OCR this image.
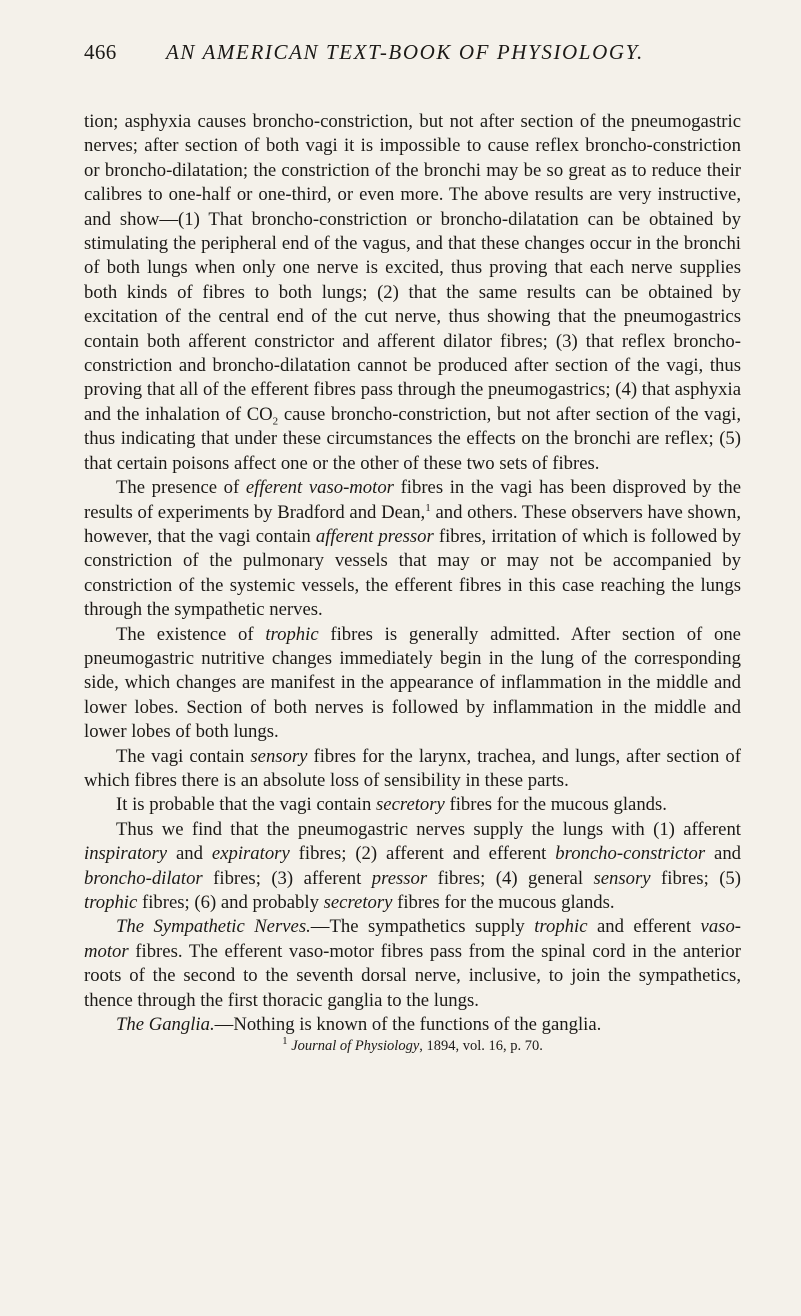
466	AN AMERICAN TEXT-BOOK OF PHYSIOLOGY.

tion; asphyxia causes broncho-constriction, but not after section of the pneumogastric nerves; after section of both vagi it is impossible to cause reflex broncho-constriction or broncho-dilatation; the constriction of the bronchi may be so great as to reduce their calibres to one-half or one-third, or even more. The above results are very instructive, and show—(1) That broncho-constriction or broncho-dilatation can be obtained by stimulating the peripheral end of the vagus, and that these changes occur in the bronchi of both lungs when only one nerve is excited, thus proving that each nerve supplies both kinds of fibres to both lungs; (2) that the same results can be obtained by excitation of the central end of the cut nerve, thus showing that the pneumogastrics contain both afferent constrictor and afferent dilator fibres; (3) that reflex broncho-constriction and broncho-dilatation cannot be produced after section of the vagi, thus proving that all of the efferent fibres pass through the pneumogastrics; (4) that asphyxia and the inhalation of $CO_2$ cause broncho-constriction, but not after section of the vagi, thus indicating that under these circumstances the effects on the bronchi are reflex; (5) that certain poisons affect one or the other of these two sets of fibres.

The presence of efferent vaso-motor fibres in the vagi has been disproved by the results of experiments by Bradford and Dean,$^1$ and others. These observers have shown, however, that the vagi contain afferent pressor fibres, irritation of which is followed by constriction of the pulmonary vessels that may or may not be accompanied by constriction of the systemic vessels, the efferent fibres in this case reaching the lungs through the sympathetic nerves.

The existence of trophic fibres is generally admitted. After section of one pneumogastric nutritive changes immediately begin in the lung of the corresponding side, which changes are manifest in the appearance of inflammation in the middle and lower lobes. Section of both nerves is followed by inflammation in the middle and lower lobes of both lungs.

The vagi contain sensory fibres for the larynx, trachea, and lungs, after section of which fibres there is an absolute loss of sensibility in these parts.

It is probable that the vagi contain secretory fibres for the mucous glands.

Thus we find that the pneumogastric nerves supply the lungs with (1) afferent inspiratory and expiratory fibres; (2) afferent and efferent broncho-constrictor and broncho-dilator fibres; (3) afferent pressor fibres; (4) general sensory fibres; (5) trophic fibres; (6) and probably secretory fibres for the mucous glands.

The Sympathetic Nerves.—The sympathetics supply trophic and efferent vaso-motor fibres. The efferent vaso-motor fibres pass from the spinal cord in the anterior roots of the second to the seventh dorsal nerve, inclusive, to join the sympathetics, thence through the first thoracic ganglia to the lungs.

The Ganglia.—Nothing is known of the functions of the ganglia.

$^1$ Journal of Physiology, 1894, vol. 16, p. 70.
